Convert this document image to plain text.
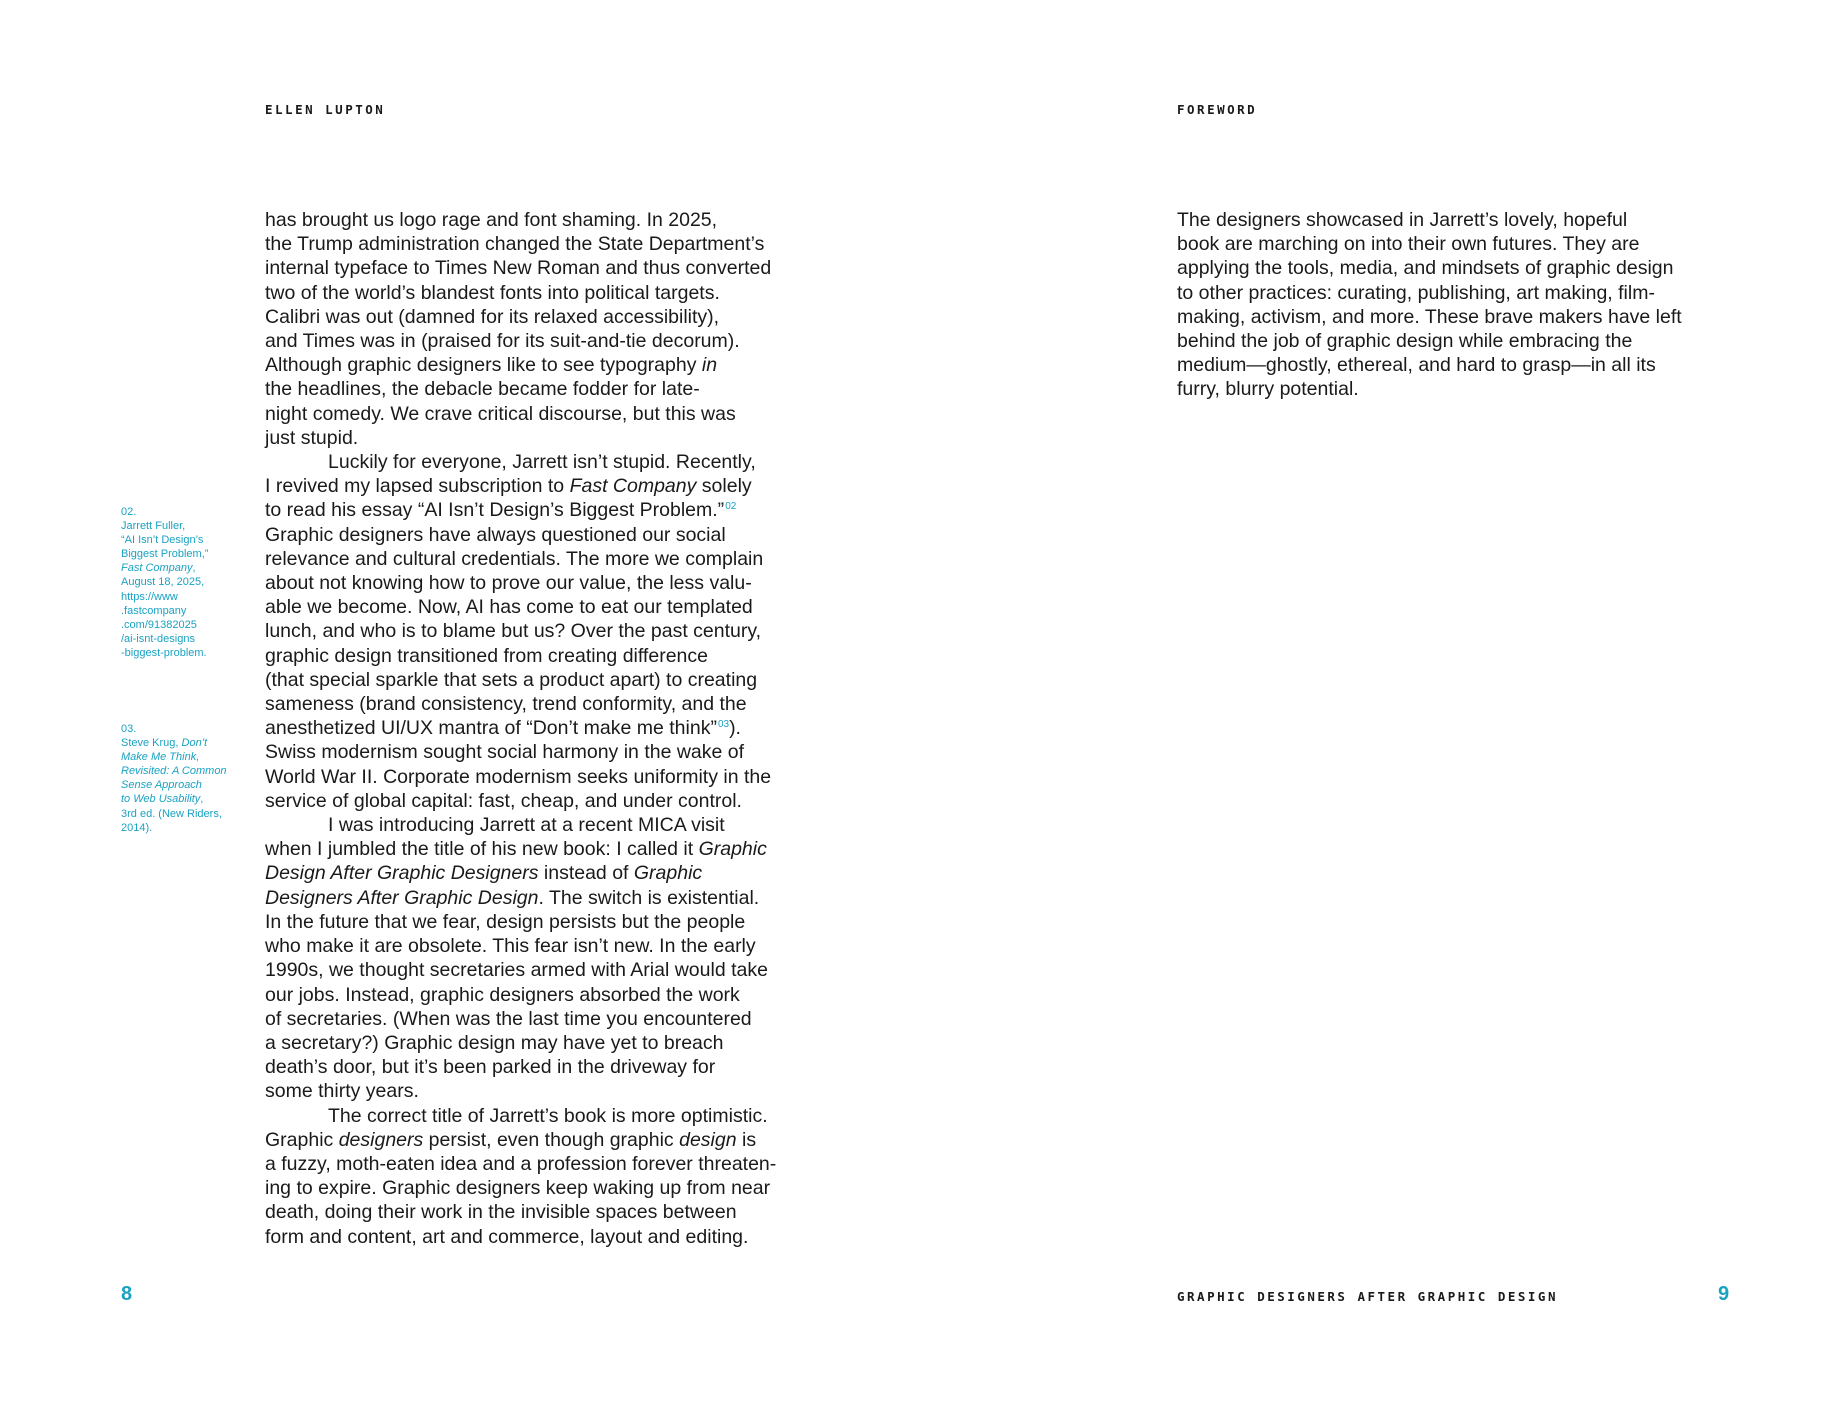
ELLEN LUPTON
has brought us logo rage and font shaming. In 2025,
the Trump administration changed the State Department’s
internal typeface to Times New Roman and thus converted
two of the world’s blandest fonts into political targets.
Calibri was out (damned for its relaxed accessibility),
and Times was in (praised for its suit-and-tie decorum).
Although graphic designers like to see typography in
the headlines, the debacle became fodder for late-
night comedy. We crave critical discourse, but this was
just stupid.
Luckily for everyone, Jarrett isn’t stupid. Recently,
I revived my lapsed subscription to Fast Company solely
to read his essay “AI Isn’t Design’s Biggest Problem.”$^{02}$
Graphic designers have always questioned our social
relevance and cultural credentials. The more we complain
about not knowing how to prove our value, the less valu-
able we become. Now, AI has come to eat our templated
lunch, and who is to blame but us? Over the past century,
graphic design transitioned from creating difference
(that special sparkle that sets a product apart) to creating
sameness (brand consistency, trend conformity, and the
anesthetized UI/UX mantra of “Don’t make me think”$^{03}$).
Swiss modernism sought social harmony in the wake of
World War II. Corporate modernism seeks uniformity in the
service of global capital: fast, cheap, and under control.
I was introducing Jarrett at a recent MICA visit
when I jumbled the title of his new book: I called it Graphic
Design After Graphic Designers instead of Graphic
Designers After Graphic Design. The switch is existential.
In the future that we fear, design persists but the people
who make it are obsolete. This fear isn’t new. In the early
1990s, we thought secretaries armed with Arial would take
our jobs. Instead, graphic designers absorbed the work
of secretaries. (When was the last time you encountered
a secretary?) Graphic design may have yet to breach
death’s door, but it’s been parked in the driveway for
some thirty years.
The correct title of Jarrett’s book is more optimistic.
Graphic designers persist, even though graphic design is
a fuzzy, moth-eaten idea and a profession forever threaten-
ing to expire. Graphic designers keep waking up from near
death, doing their work in the invisible spaces between
form and content, art and commerce, layout and editing.
02.
Jarrett Fuller,
“AI Isn’t Design’s
Biggest Problem,”
Fast Company,
August 18, 2025,
https://www
.fastcompany
.com/91382025
/ai-isnt-designs
-biggest-problem.
03.
Steve Krug, Don’t
Make Me Think,
Revisited: A Common
Sense Approach
to Web Usability,
3rd ed. (New Riders,
2014).
8
FOREWORD
The designers showcased in Jarrett’s lovely, hopeful
book are marching on into their own futures. They are
applying the tools, media, and mindsets of graphic design
to other practices: curating, publishing, art making, film-
making, activism, and more. These brave makers have left
behind the job of graphic design while embracing the
medium—ghostly, ethereal, and hard to grasp—in all its
furry, blurry potential.
GRAPHIC DESIGNERS AFTER GRAPHIC DESIGN	9
